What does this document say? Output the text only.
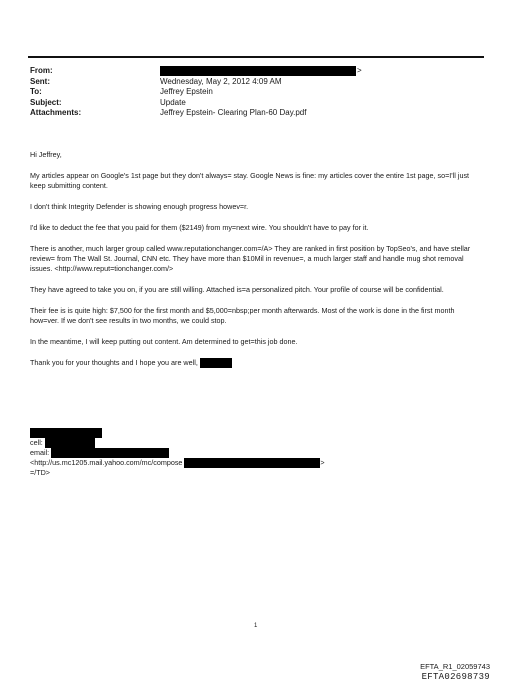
From:	>
Sent:	Wednesday, May 2, 2012 4:09 AM
To:	Jeffrey Epstein
Subject:	Update
Attachments:	Jeffrey Epstein- Clearing Plan-60 Day.pdf

Hi Jeffrey,

My articles appear on Google's 1st page but they don't always= stay. Google News is fine: my articles cover the entire 1st page, so=I'll just keep submitting content.

I don't think Integrity Defender is showing enough progress howev=r.

I'd like to deduct the fee that you paid for them ($2149) from my=next wire. You shouldn't have to pay for it.

There is another, much larger group called www.reputationchanger.com=/A> They are ranked in first position by TopSeo's, and have stellar review= from The Wall St. Journal, CNN etc. They have more than $10Mil in revenue=, a much larger staff and handle mug shot removal issues. <http://www.reput=tionchanger.com/>

They have agreed to take you on, if you are still willing. Attached is=a personalized pitch. Your profile of course will be confidential.

Their fee is is quite high: $7,500 for the first month and $5,000=nbsp;per month afterwards. Most of the work is done in the first month how=ver. If we don't see results in two months, we could stop.

In the meantime, I will keep putting out content. Am determined to get=this job done.

Thank you for your thoughts and I hope you are well,

cell:
email:
<http://us.mc1205.mail.yahoo.com/mc/compose	>
=/TD>
1
EFTA_R1_02059743
EFTA02698739
